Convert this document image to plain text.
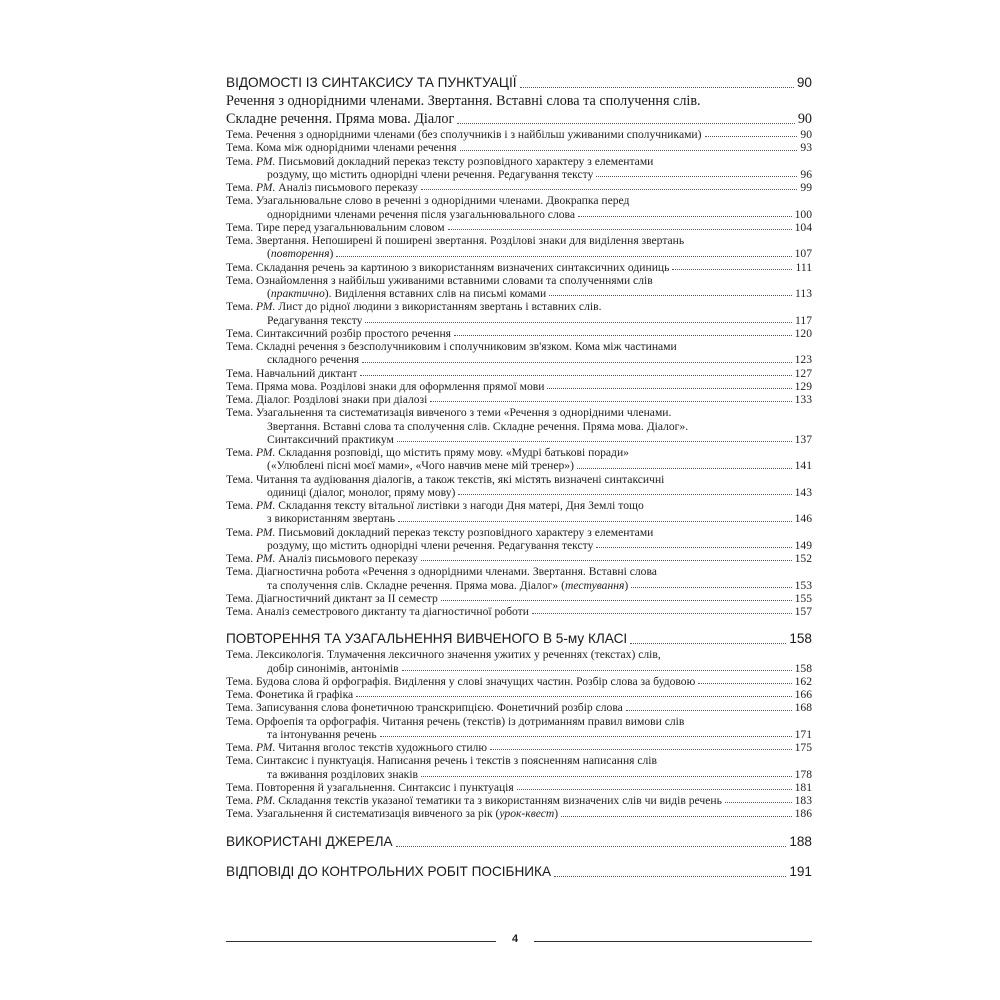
ВІДОМОСТІ ІЗ СИНТАКСИСУ ТА ПУНКТУАЦІЇ	90
Речення з однорідними членами. Звертання. Вставні слова та сполучення слів.
Складне речення. Пряма мова. Діалог	90
Тема. Речення з однорідними членами (без сполучників і з найбільш уживаними сполучниками)	90
Тема. Кома між однорідними членами речення	93
Тема. РМ. Письмовий докладний переказ тексту розповідного характеру з елементами
роздуму, що містить однорідні члени речення. Редагування тексту	96
Тема. РМ. Аналіз письмового переказу	99
Тема. Узагальнювальне слово в реченні з однорідними членами. Двокрапка перед
однорідними членами речення після узагальнювального слова	100
Тема. Тире перед узагальнювальним словом	104
Тема. Звертання. Непоширені й поширені звертання. Розділові знаки для виділення звертань
(повторення)	107
Тема. Складання речень за картиною з використанням визначених синтаксичних одиниць	111
Тема. Ознайомлення з найбільш уживаними вставними словами та сполученнями слів
(практично). Виділення вставних слів на письмі комами	113
Тема. РМ. Лист до рідної людини з використанням звертань і вставних слів.
Редагування тексту	117
Тема. Синтаксичний розбір простого речення	120
Тема. Складні речення з безсполучниковим і сполучниковим зв'язком. Кома між частинами
складного речення	123
Тема. Навчальний диктант	127
Тема. Пряма мова. Розділові знаки для оформлення прямої мови	129
Тема. Діалог. Розділові знаки при діалозі	133
Тема. Узагальнення та систематизація вивченого з теми «Речення з однорідними членами.
Звертання. Вставні слова та сполучення слів. Складне речення. Пряма мова. Діалог».
Синтаксичний практикум	137
Тема. РМ. Складання розповіді, що містить пряму мову. «Мудрі батькові поради»
(«Улюблені пісні моєї мами», «Чого навчив мене мій тренер»)	141
Тема. Читання та аудіювання діалогів, а також текстів, які містять визначені синтаксичні
одиниці (діалог, монолог, пряму мову)	143
Тема. РМ. Складання тексту вітальної листівки з нагоди Дня матері, Дня Землі тощо
з використанням звертань	146
Тема. РМ. Письмовий докладний переказ тексту розповідного характеру з елементами
роздуму, що містить однорідні члени речення. Редагування тексту	149
Тема. РМ. Аналіз письмового переказу	152
Тема. Діагностична робота «Речення з однорідними членами. Звертання. Вставні слова
та сполучення слів. Складне речення. Пряма мова. Діалог» (тестування)	153
Тема. Діагностичний диктант за II семестр	155
Тема. Аналіз семестрового диктанту та діагностичної роботи	157
ПОВТОРЕННЯ ТА УЗАГАЛЬНЕННЯ ВИВЧЕНОГО В 5-му КЛАСІ	158
Тема. Лексикологія. Тлумачення лексичного значення ужитих у реченнях (текстах) слів,
добір синонімів, антонімів	158
Тема. Будова слова й орфографія. Виділення у слові значущих частин. Розбір слова за будовою	162
Тема. Фонетика й графіка	166
Тема. Записування слова фонетичною транскрипцією. Фонетичний розбір слова	168
Тема. Орфоепія та орфографія. Читання речень (текстів) із дотриманням правил вимови слів
та інтонування речень	171
Тема. РМ. Читання вголос текстів художнього стилю	175
Тема. Синтаксис і пунктуація. Написання речень і текстів з поясненням написання слів
та вживання розділових знаків	178
Тема. Повторення й узагальнення. Синтаксис і пунктуація	181
Тема. РМ. Складання текстів указаної тематики та з використанням визначених слів чи видів речень	183
Тема. Узагальнення й систематизація вивченого за рік (урок-квест)	186
ВИКОРИСТАНІ ДЖЕРЕЛА	188
ВІДПОВІДІ ДО КОНТРОЛЬНИХ РОБІТ ПОСІБНИКА	191
4
